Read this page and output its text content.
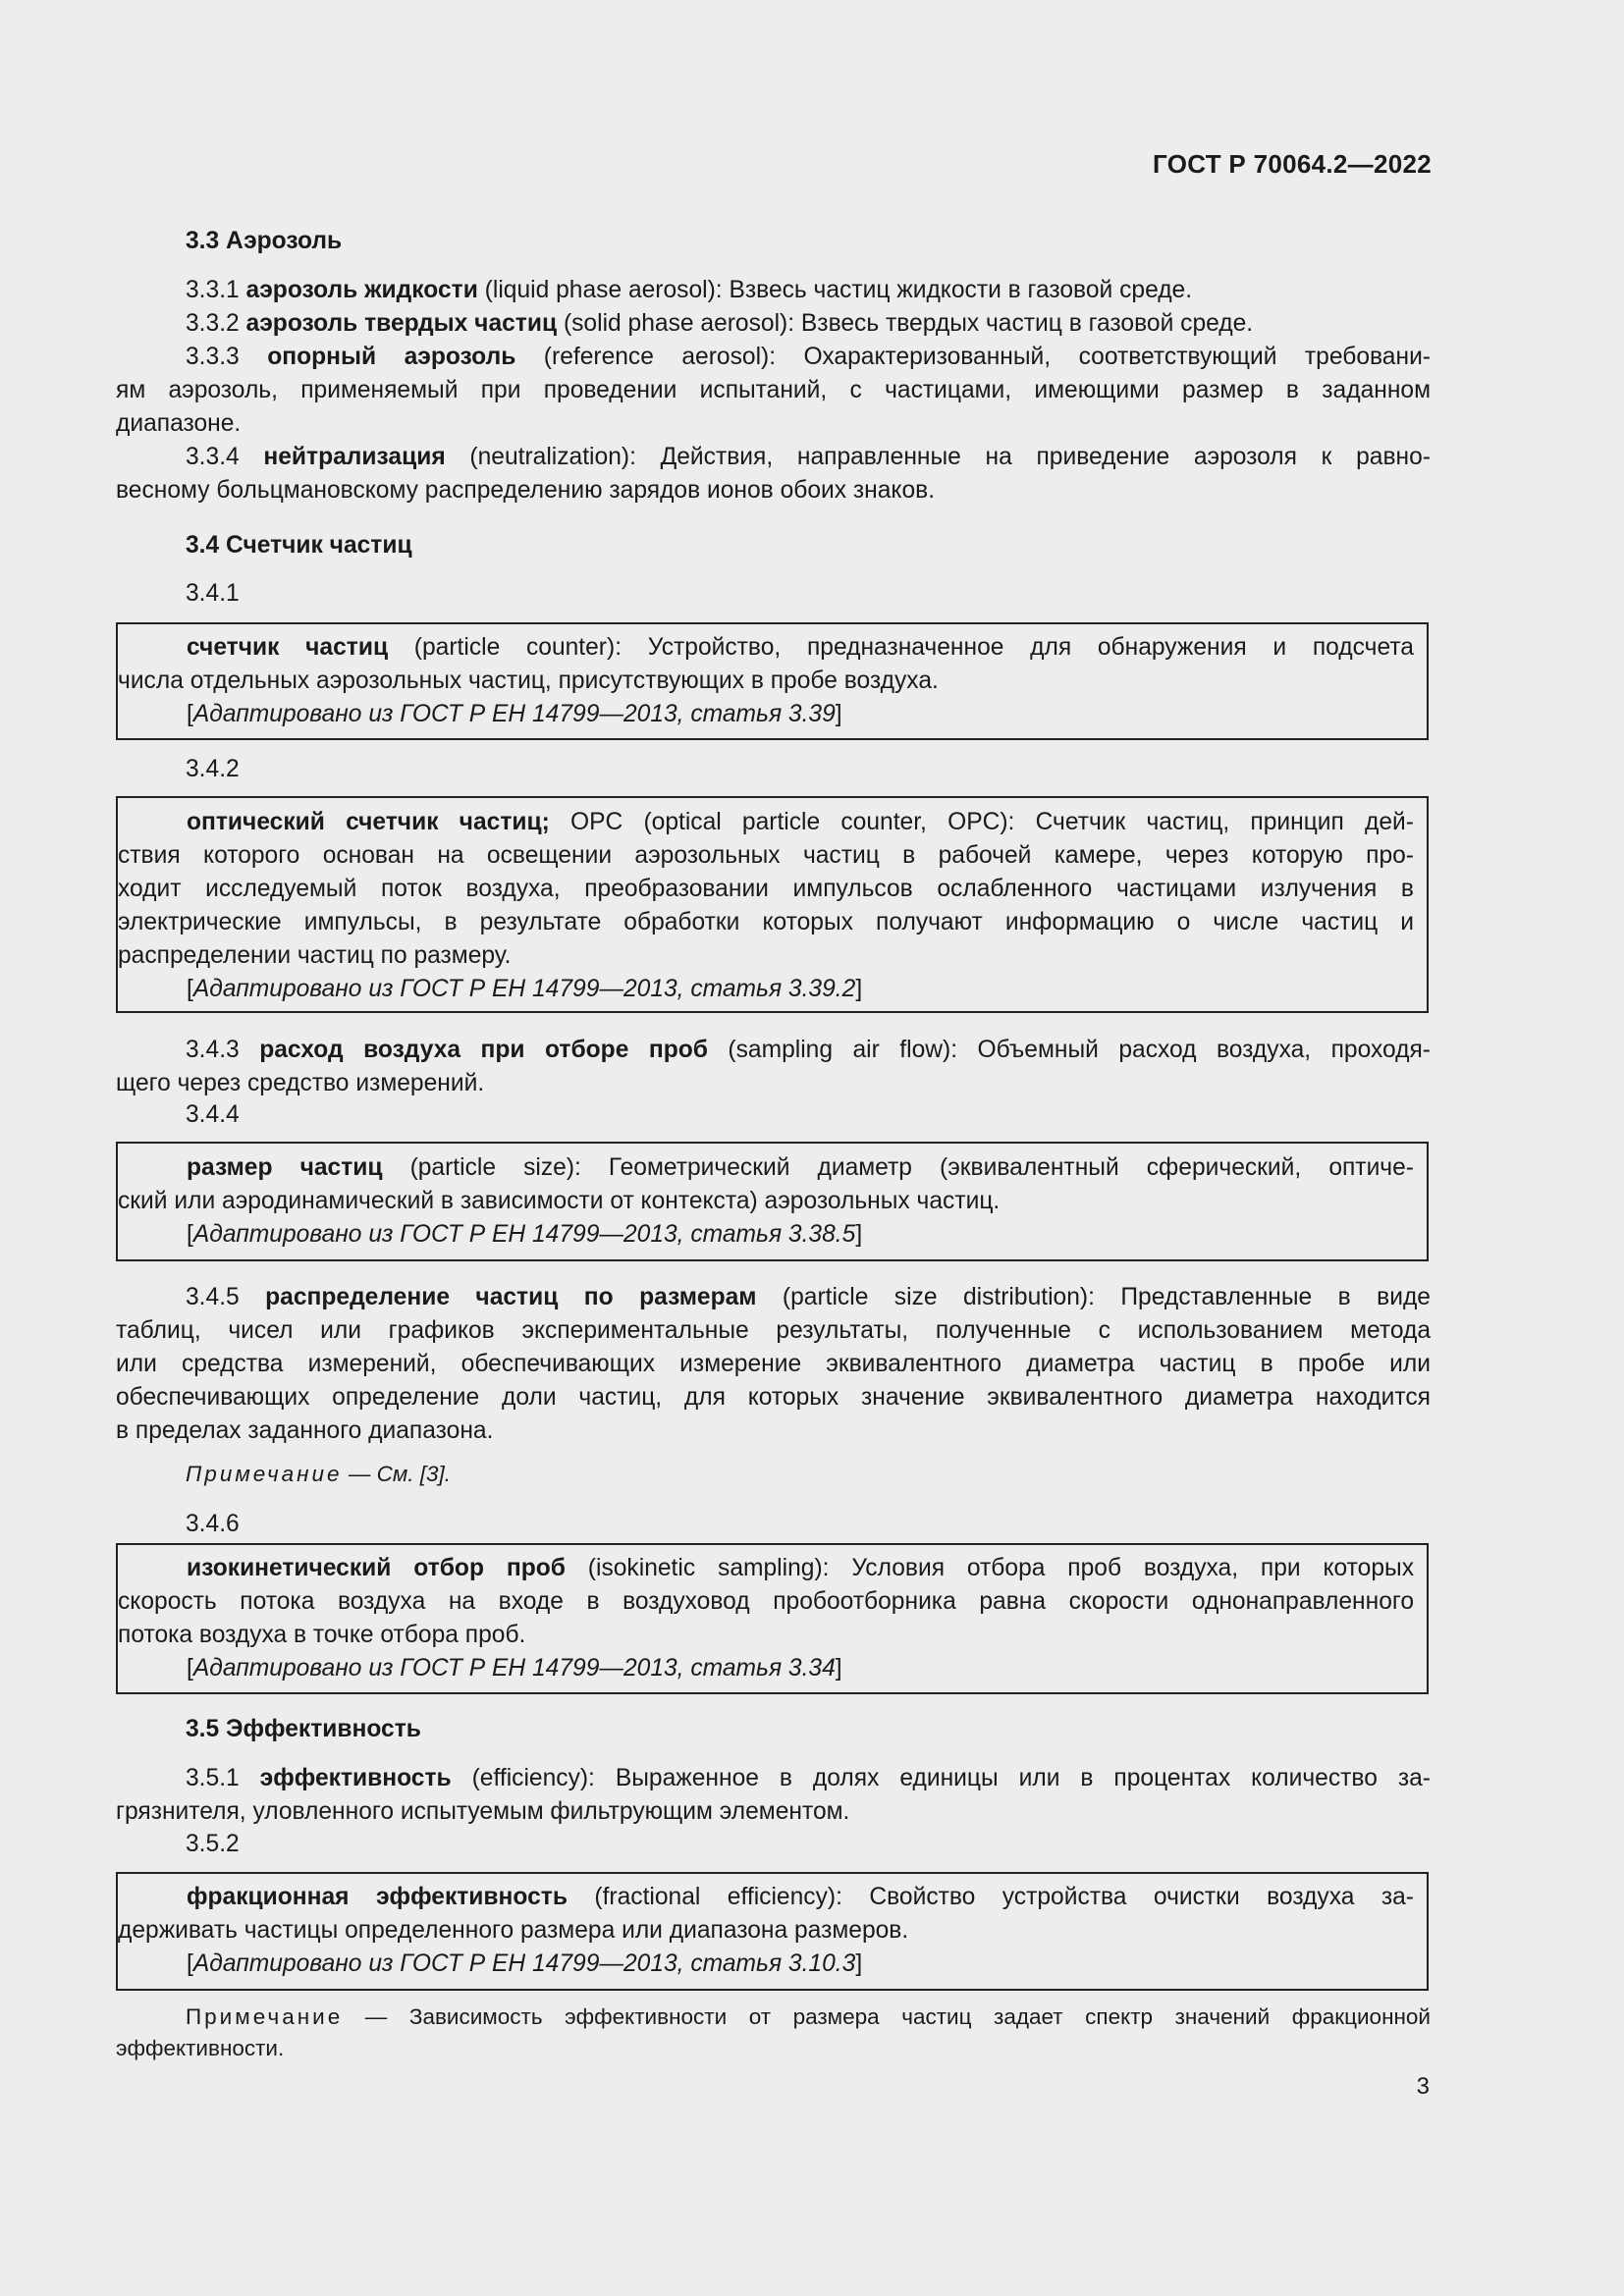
ГОСТ Р 70064.2—2022
3.3 Аэрозоль
3.3.1 аэрозоль жидкости (liquid phase aerosol): Взвесь частиц жидкости в газовой среде.
3.3.2 аэрозоль твердых частиц (solid phase aerosol): Взвесь твердых частиц в газовой среде.
3.3.3 опорный аэрозоль (reference aerosol): Охарактеризованный, соответствующий требовани-
ям аэрозоль, применяемый при проведении испытаний, с частицами, имеющими размер в заданном
диапазоне.
3.3.4 нейтрализация (neutralization): Действия, направленные на приведение аэрозоля к равно-
весному больцмановскому распределению зарядов ионов обоих знаков.
3.4 Счетчик частиц
3.4.1
счетчик частиц (particle counter): Устройство, предназначенное для обнаружения и подсчета
числа отдельных аэрозольных частиц, присутствующих в пробе воздуха.
[Адаптировано из ГОСТ Р ЕН 14799—2013, статья 3.39]
3.4.2
оптический счетчик частиц; OPC (optical particle counter, OPC): Счетчик частиц, принцип дей-
ствия которого основан на освещении аэрозольных частиц в рабочей камере, через которую про-
ходит исследуемый поток воздуха, преобразовании импульсов ослабленного частицами излучения в
электрические импульсы, в результате обработки которых получают информацию о числе частиц и
распределении частиц по размеру.
[Адаптировано из ГОСТ Р ЕН 14799—2013, статья 3.39.2]
3.4.3 расход воздуха при отборе проб (sampling air flow): Объемный расход воздуха, проходя-
щего через средство измерений.
3.4.4
размер частиц (particle size): Геометрический диаметр (эквивалентный сферический, оптиче-
ский или аэродинамический в зависимости от контекста) аэрозольных частиц.
[Адаптировано из ГОСТ Р ЕН 14799—2013, статья 3.38.5]
3.4.5 распределение частиц по размерам (particle size distribution): Представленные в виде
таблиц, чисел или графиков экспериментальные результаты, полученные с использованием метода
или средства измерений, обеспечивающих измерение эквивалентного диаметра частиц в пробе или
обеспечивающих определение доли частиц, для которых значение эквивалентного диаметра находится
в пределах заданного диапазона.
Примечание — См. [3].
3.4.6
изокинетический отбор проб (isokinetic sampling): Условия отбора проб воздуха, при которых
скорость потока воздуха на входе в воздуховод пробоотборника равна скорости однонаправленного
потока воздуха в точке отбора проб.
[Адаптировано из ГОСТ Р ЕН 14799—2013, статья 3.34]
3.5 Эффективность
3.5.1 эффективность (efficiency): Выраженное в долях единицы или в процентах количество за-
грязнителя, уловленного испытуемым фильтрующим элементом.
3.5.2
фракционная эффективность (fractional efficiency): Свойство устройства очистки воздуха за-
держивать частицы определенного размера или диапазона размеров.
[Адаптировано из ГОСТ Р ЕН 14799—2013, статья 3.10.3]
Примечание — Зависимость эффективности от размера частиц задает спектр значений фракционной
эффективности.
3
